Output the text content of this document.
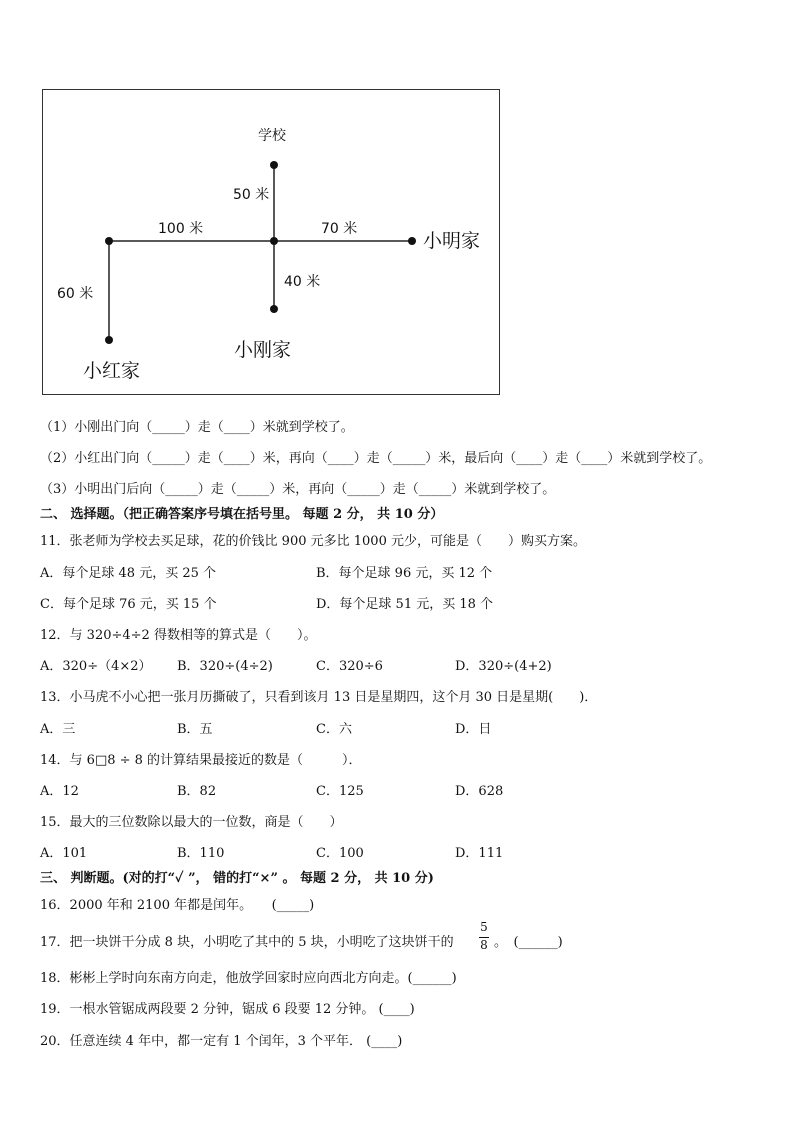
学校
50 米
100 米	70 米
40 米
60 米
小明家
小刚家
小红家
（1）小刚出门向（_____）走（____）米就到学校了。
（2）小红出门向（_____）走（____）米，再向（____）走（_____）米，最后向（____）走（____）米就到学校了。
（3）小明出门后向（_____）走（_____）米，再向（_____）走（_____）米就到学校了。
二、 选择题。（把正确答案序号填在括号里。 每题 2 分， 共 10 分）
11．张老师为学校去买足球，花的价钱比 900 元多比 1000 元少，可能是（　　）购买方案。
A．每个足球 48 元，买 25 个	B．每个足球 96 元，买 12 个
C．每个足球 76 元，买 15 个	D．每个足球 51 元，买 18 个
12．与 320÷4÷2 得数相等的算式是（　　）。
A．320÷（4×2） B．320÷(4÷2)	C．320÷6	D．320÷(4+2)
13．小马虎不小心把一张月历撕破了，只看到该月 13 日是星期四，这个月 30 日是星期(　　)．
A．三	B．五	C．六	D．日
14．与 6□8 ÷ 8 的计算结果最接近的数是（　　　）．
A．12	B．82	C．125	D．628
15．最大的三位数除以最大的一位数，商是（　　）
A．101	B．110	C．100	D．111
三、 判断题。(对的打“✓ ”， 错的打“×” 。 每题 2 分， 共 10 分)
16．2000 年和 2100 年都是闰年。　　(_____)
17．把一块饼干分成 8 块，小明吃了其中的 5 块，小明吃了这块饼干的
5
8 。　(______)
18．彬彬上学时向东南方向走，他放学回家时应向西北方向走。(______)
19．一根水管锯成两段要 2 分钟，锯成 6 段要 12 分钟。 (____)
20．任意连续 4 年中，都一定有 1 个闰年，3 个平年． (____)
